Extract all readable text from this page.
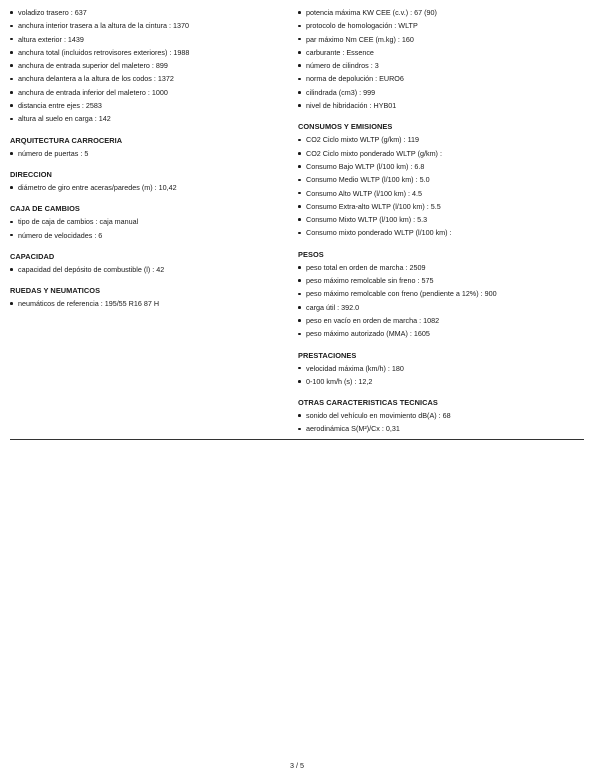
voladizo trasero : 637
anchura interior trasera a la altura de la cintura : 1370
altura exterior : 1439
anchura total (incluidos retrovisores exteriores) : 1988
anchura de entrada superior del maletero : 899
anchura delantera a la altura de los codos : 1372
anchura de entrada inferior del maletero : 1000
distancia entre ejes : 2583
altura al suelo en carga : 142
ARQUITECTURA CARROCERIA
número de puertas : 5
DIRECCION
diámetro de giro entre aceras/paredes (m) : 10,42
CAJA DE CAMBIOS
tipo de caja de cambios : caja manual
número de velocidades : 6
CAPACIDAD
capacidad del depósito de combustible (l) : 42
RUEDAS Y NEUMATICOS
neumáticos de referencia : 195/55 R16 87 H
potencia máxima KW CEE (c.v.) : 67 (90)
protocolo de homologación : WLTP
par máximo Nm CEE (m.kg) : 160
carburante : Essence
número de cilindros : 3
norma de depolución : EURO6
cilindrada (cm3) : 999
nivel de hibridación : HYB01
CONSUMOS Y EMISIONES
CO2 Ciclo mixto WLTP (g/km) : 119
CO2 Ciclo mixto ponderado WLTP (g/km) :
Consumo Bajo WLTP (l/100 km) : 6.8
Consumo Medio WLTP (l/100 km) : 5.0
Consumo Alto WLTP (l/100 km) : 4.5
Consumo Extra-alto WLTP (l/100 km) : 5.5
Consumo Mixto WLTP (l/100 km) : 5.3
Consumo mixto ponderado WLTP (l/100 km) :
PESOS
peso total en orden de marcha : 2509
peso máximo remolcable sin freno : 575
peso máximo remolcable con freno (pendiente a 12%) : 900
carga útil : 392.0
peso en vacío en orden de marcha : 1082
peso máximo autorizado (MMA) : 1605
PRESTACIONES
velocidad máxima (km/h) : 180
0-100 km/h (s) : 12,2
OTRAS CARACTERISTICAS TECNICAS
sonido del vehículo en movimiento dB(A) : 68
aerodinámica S(M²)/Cx : 0,31
3 / 5
